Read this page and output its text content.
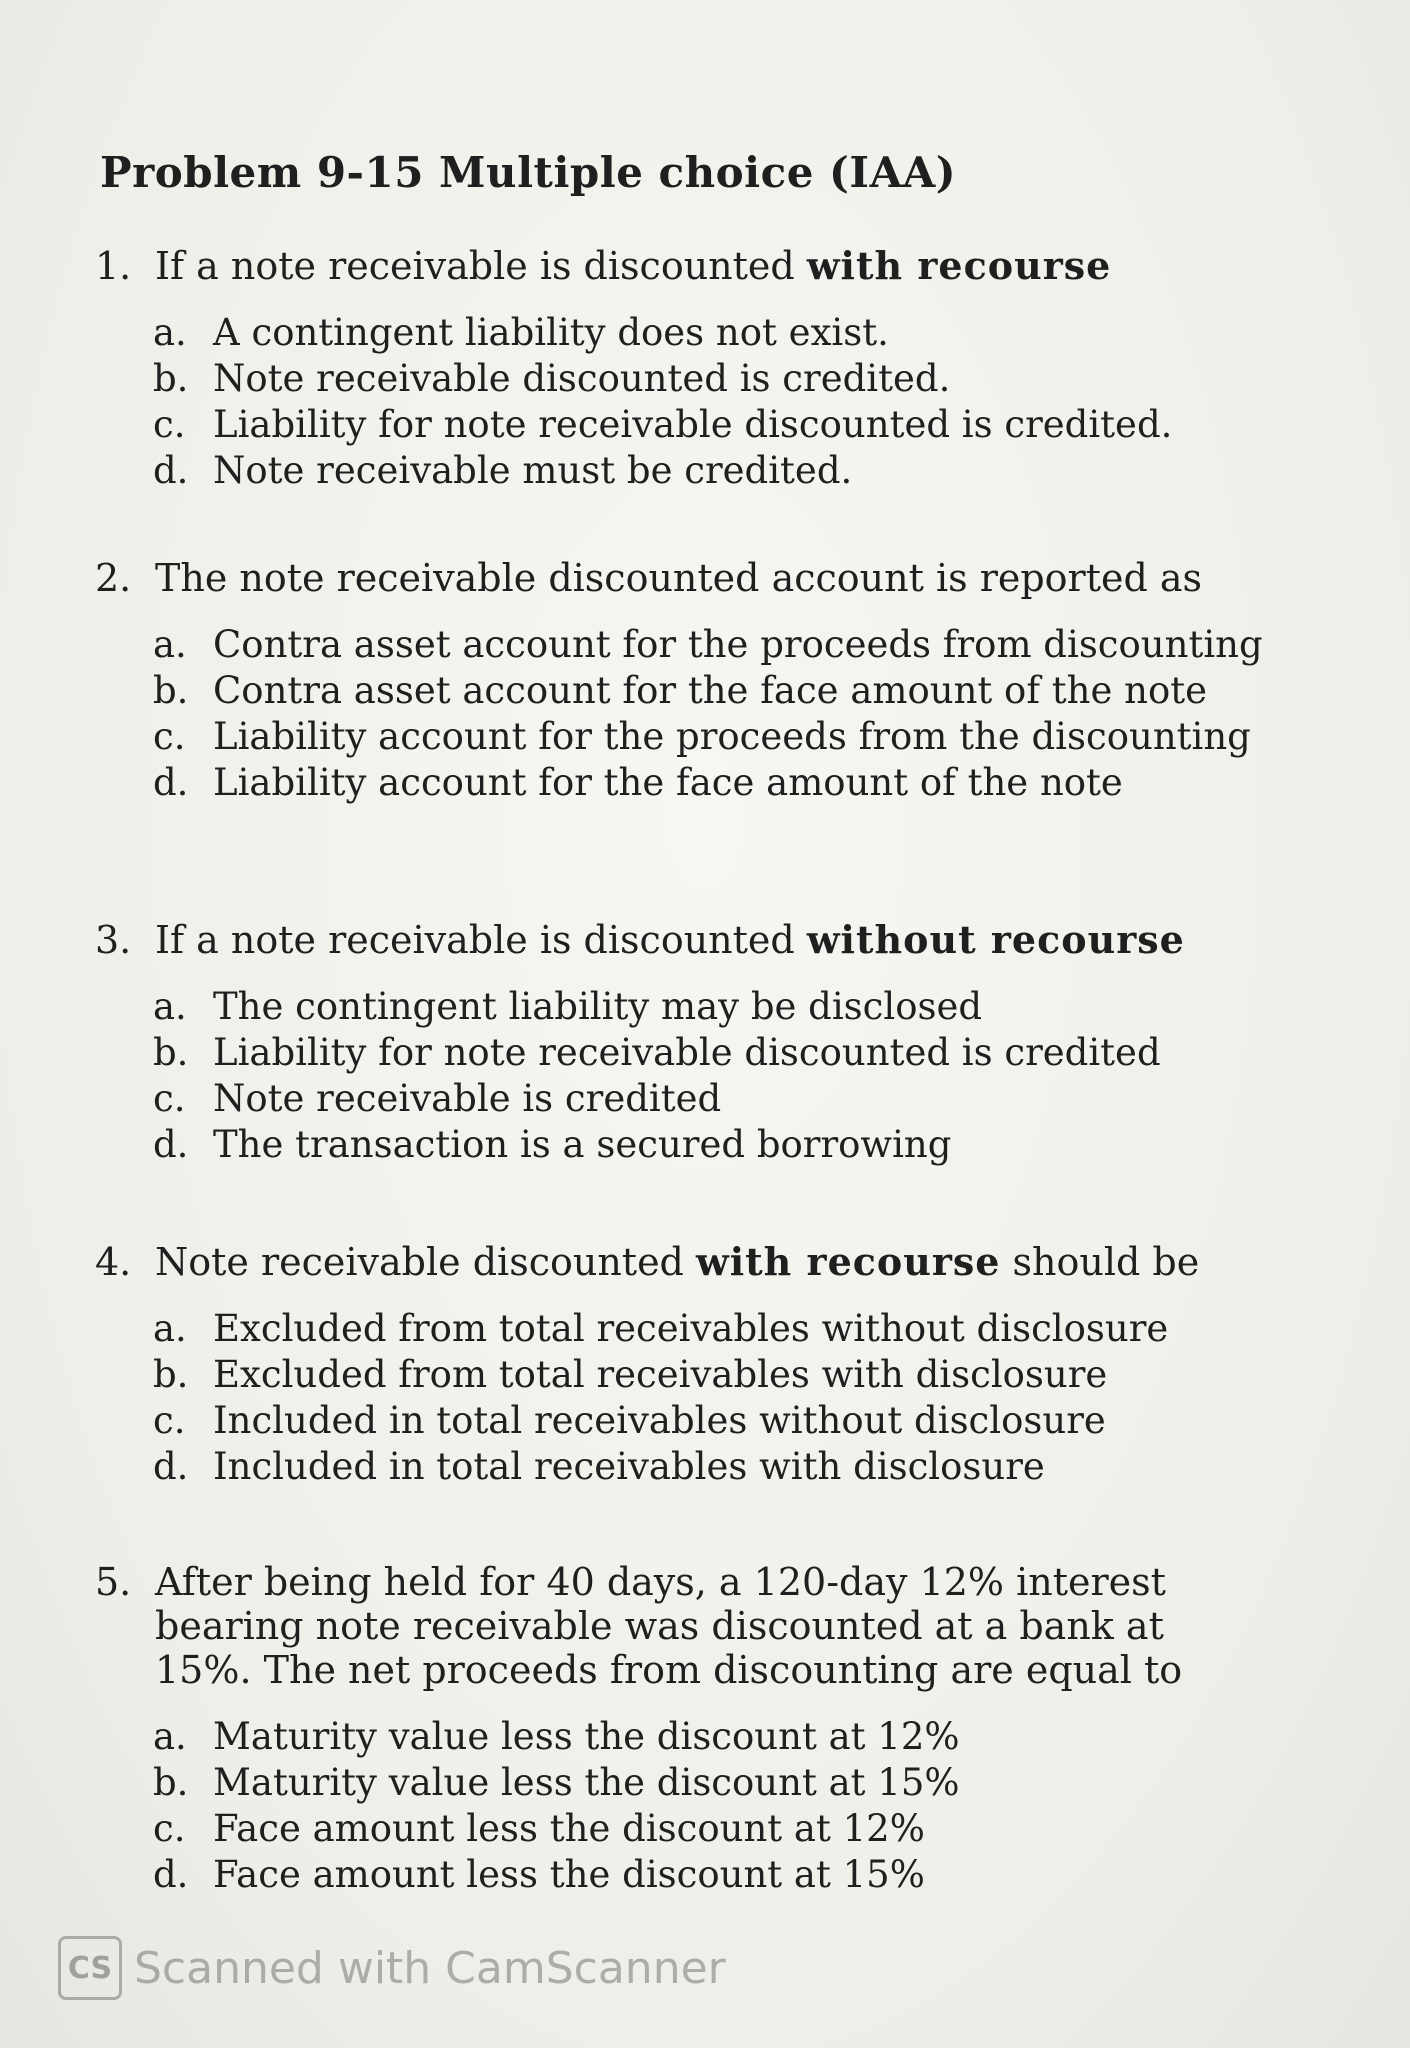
Problem 9-15 Multiple choice (IAA)
1. If a note receivable is discounted with recourse
a. A contingent liability does not exist.
b. Note receivable discounted is credited.
c. Liability for note receivable discounted is credited.
d. Note receivable must be credited.
2. The note receivable discounted account is reported as
a. Contra asset account for the proceeds from discounting
b. Contra asset account for the face amount of the note
c. Liability account for the proceeds from the discounting
d. Liability account for the face amount of the note
3. If a note receivable is discounted without recourse
a. The contingent liability may be disclosed
b. Liability for note receivable discounted is credited
c. Note receivable is credited
d. The transaction is a secured borrowing
4. Note receivable discounted with recourse should be
a. Excluded from total receivables without disclosure
b. Excluded from total receivables with disclosure
c. Included in total receivables without disclosure
d. Included in total receivables with disclosure
5. After being held for 40 days, a 120-day 12% interest bearing note receivable was discounted at a bank at 15%. The net proceeds from discounting are equal to
a. Maturity value less the discount at 12%
b. Maturity value less the discount at 15%
c. Face amount less the discount at 12%
d. Face amount less the discount at 15%
CS Scanned with CamScanner
